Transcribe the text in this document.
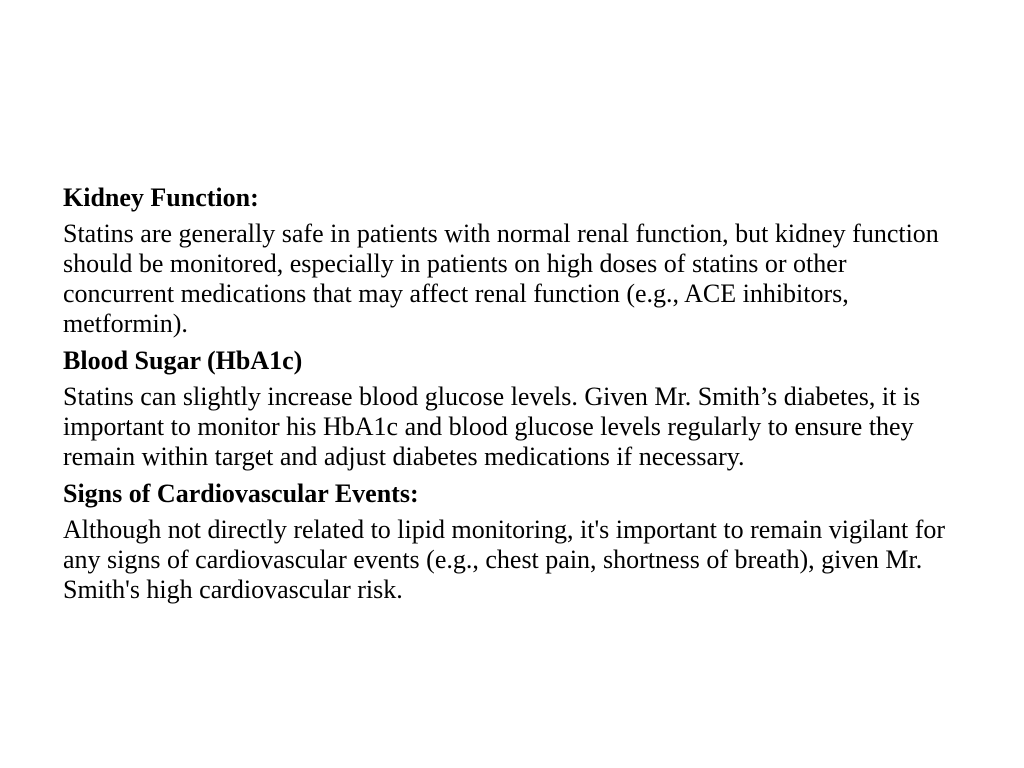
Kidney Function:

Statins are generally safe in patients with normal renal function, but kidney function should be monitored, especially in patients on high doses of statins or other concurrent medications that may affect renal function (e.g., ACE inhibitors, metformin).

Blood Sugar (HbA1c)

Statins can slightly increase blood glucose levels. Given Mr. Smith’s diabetes, it is important to monitor his HbA1c and blood glucose levels regularly to ensure they remain within target and adjust diabetes medications if necessary.

Signs of Cardiovascular Events:

Although not directly related to lipid monitoring, it's important to remain vigilant for any signs of cardiovascular events (e.g., chest pain, shortness of breath), given Mr. Smith's high cardiovascular risk.
